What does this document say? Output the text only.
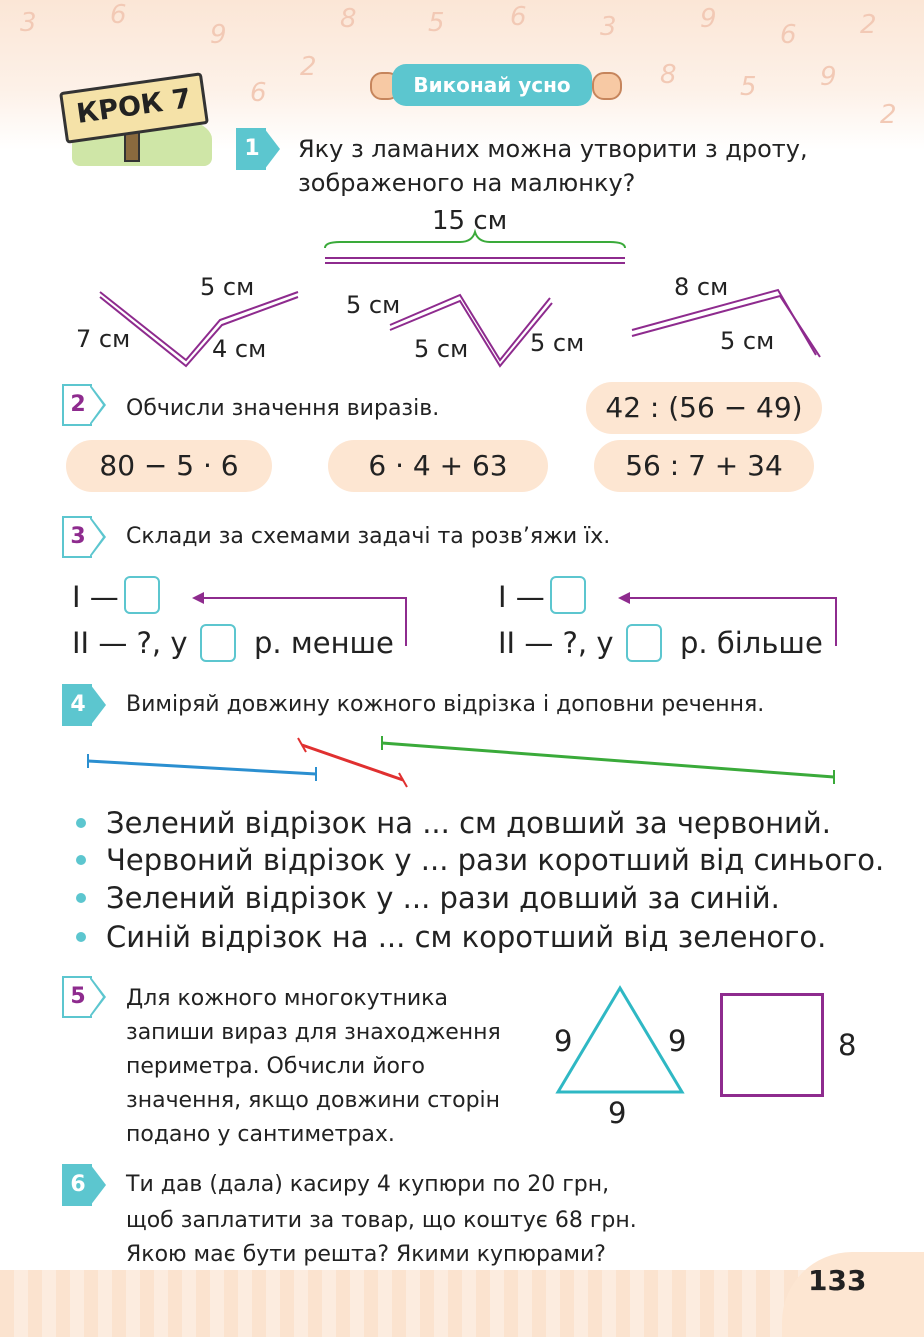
3	6
9
2
8	5	6	3	9
6 2
8 5 9
2
6
КРОК 7	Виконай усно
1	Яку з ламаних можна утворити з дроту,
зображеного на малюнку?
15 см
7 см	4 см
5 см
5 см
5 см	5 см
8 см
5 см
2	Обчисли значення виразів.	42 : (56 − 49)
80 − 5 · 6	6 · 4 + 63	56 : 7 + 34
3	Склади за схемами задачі та розв’яжи їх.
І —
ІІ — ?, у р. менше
І —
ІІ — ?, у р. більше
4	Виміряй довжину кожного відрізка і доповни речення.
Зелений відрізок на ... см довший за червоний.
Червоний відрізок у ... рази коротший від синього.
Зелений відрізок у ... рази довший за синій.
Синій відрізок на ... см коротший від зеленого.
5	Для кожного многокутника
запиши вираз для знаходження
периметра. Обчисли його
значення, якщо довжини сторін
подано у сантиметрах.
9	9
9
8
6	Ти дав (дала) касиру 4 купюри по 20 грн,
щоб заплатити за товар, що коштує 68 грн.
Якою має бути решта? Якими купюрами?
133
